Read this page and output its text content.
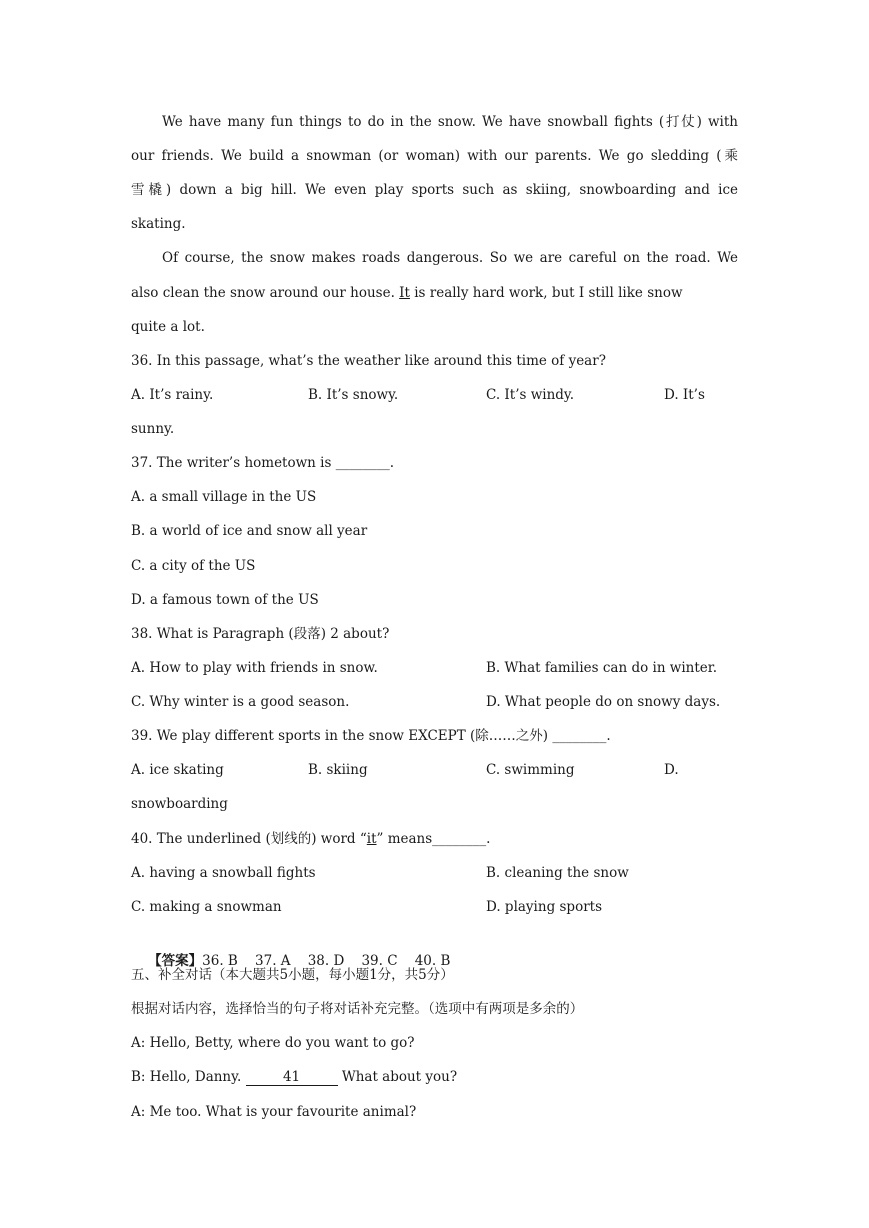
We have many fun things to do in the snow. We have snowball fights (打仗) with
our friends. We build a snowman (or woman) with our parents. We go sledding (乘
雪橇) down a big hill. We even play sports such as skiing, snowboarding and ice
skating.
Of course, the snow makes roads dangerous. So we are careful on the road. We
also clean the snow around our house. It is really hard work, but I still like snow
quite a lot.
36. In this passage, what’s the weather like around this time of year?
A. It’s rainy.	B. It’s snowy.	C. It’s windy.	D. It’s
sunny.
37. The writer’s hometown is ________.
A. a small village in the US
B. a world of ice and snow all year
C. a city of the US
D. a famous town of the US
38. What is Paragraph (段落) 2 about?
A. How to play with friends in snow.	B. What families can do in winter.
C. Why winter is a good season.	D. What people do on snowy days.
39. We play different sports in the snow EXCEPT (除……之外) ________.
A. ice skating	B. skiing	C. swimming	D.
snowboarding
40. The underlined (划线的) word “it” means________.
A. having a snowball fights	B. cleaning the snow
C. making a snowman	D. playing sports

【答案】36. B    37. A    38. D    39. C    40. B

五、补全对话（本大题共5小题，每小题1分，共5分）
根据对话内容，选择恰当的句子将对话补充完整。（选项中有两项是多余的）
A: Hello, Betty, where do you want to go?
B: Hello, Danny.	41	What about you?
A: Me too. What is your favourite animal?
